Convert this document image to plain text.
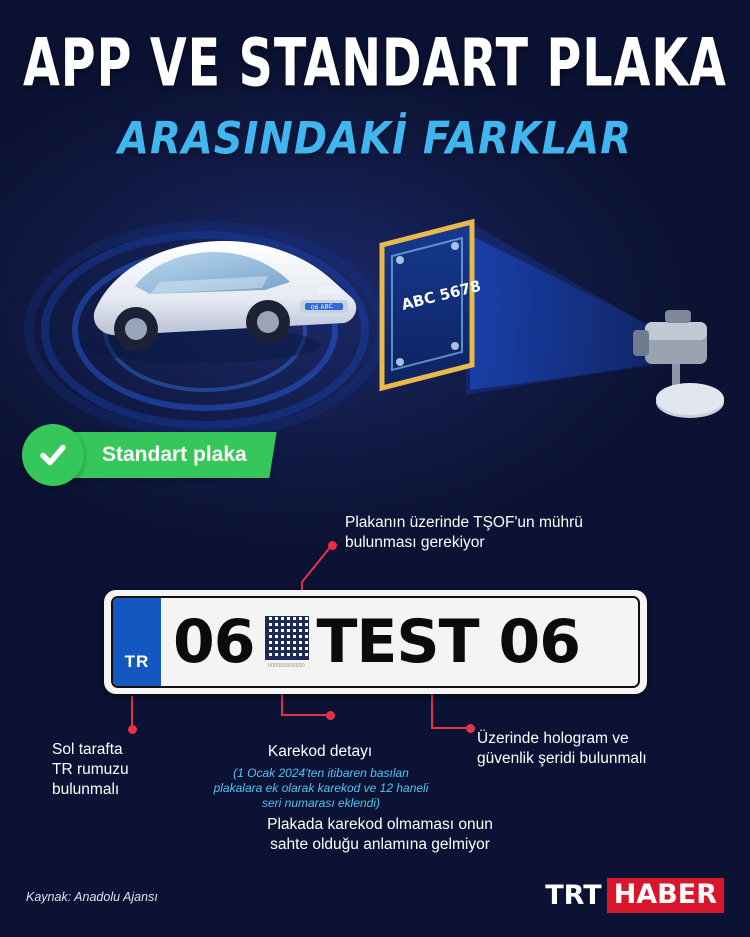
APP VE STANDART PLAKA
ARASINDAKİ FARKLAR
06 ABC	ABC 5678
Standart plaka
Plakanın üzerinde TŞOF'un mührü
bulunması gerekiyor
Sol tarafta
TR rumuzu
bulunmalı
Karekod detayı
(1 Ocak 2024'ten itibaren basılan
plakalara ek olarak karekod ve 12 haneli
seri numarası eklendi)
Üzerinde hologram ve
güvenlik şeridi bulunmalı
Plakada karekod olmaması onun
sahte olduğu anlamına gelmiyor
TR 06	000000000000 TEST 06
Kaynak: Anadolu Ajansı	TRT HABER
